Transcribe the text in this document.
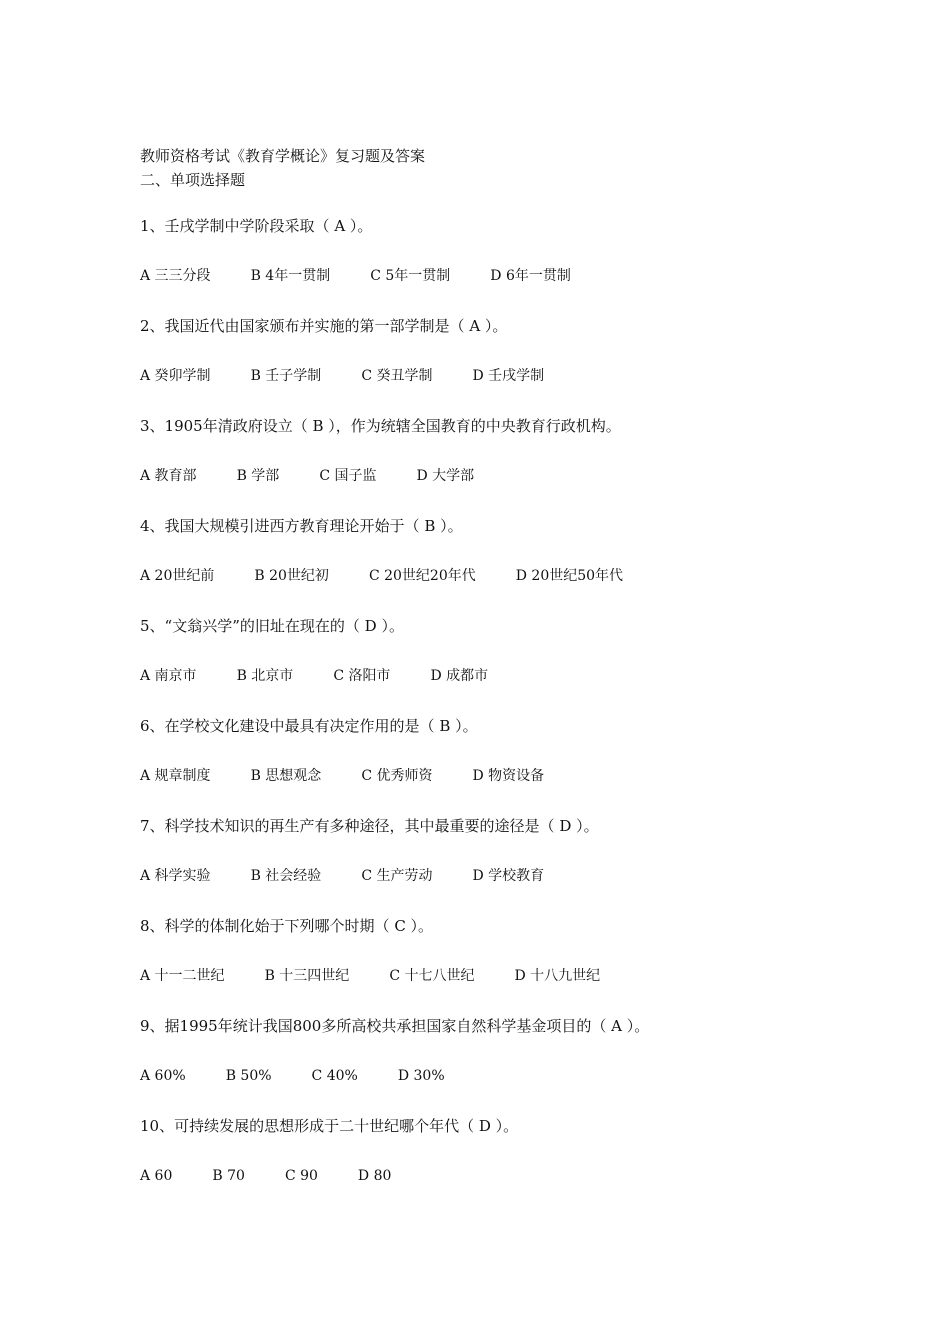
教师资格考试《教育学概论》复习题及答案
二、单项选择题
1、壬戌学制中学阶段采取（ A ）。
A 三三分段	B 4年一贯制	C 5年一贯制	D 6年一贯制
2、我国近代由国家颁布并实施的第一部学制是（ A ）。
A 癸卯学制	B 壬子学制	C 癸丑学制	D 壬戌学制
3、1905年清政府设立（ B ），作为统辖全国教育的中央教育行政机构。
A 教育部	B 学部	C 国子监	D 大学部
4、我国大规模引进西方教育理论开始于（ B ）。
A 20世纪前	B 20世纪初	C 20世纪20年代	D 20世纪50年代
5、“文翁兴学”的旧址在现在的（ D ）。
A 南京市	B 北京市	C 洛阳市	D 成都市
6、在学校文化建设中最具有决定作用的是（ B ）。
A 规章制度	B 思想观念	C 优秀师资	D 物资设备
7、科学技术知识的再生产有多种途径，其中最重要的途径是（ D ）。
A 科学实验	B 社会经验	C 生产劳动	D 学校教育
8、科学的体制化始于下列哪个时期（ C ）。
A 十一二世纪	B 十三四世纪	C 十七八世纪	D 十八九世纪
9、据1995年统计我国800多所高校共承担国家自然科学基金项目的（ A ）。
A 60%	B 50%	C 40%	D 30%
10、可持续发展的思想形成于二十世纪哪个年代（ D ）。
A 60	B 70	C 90	D 80
